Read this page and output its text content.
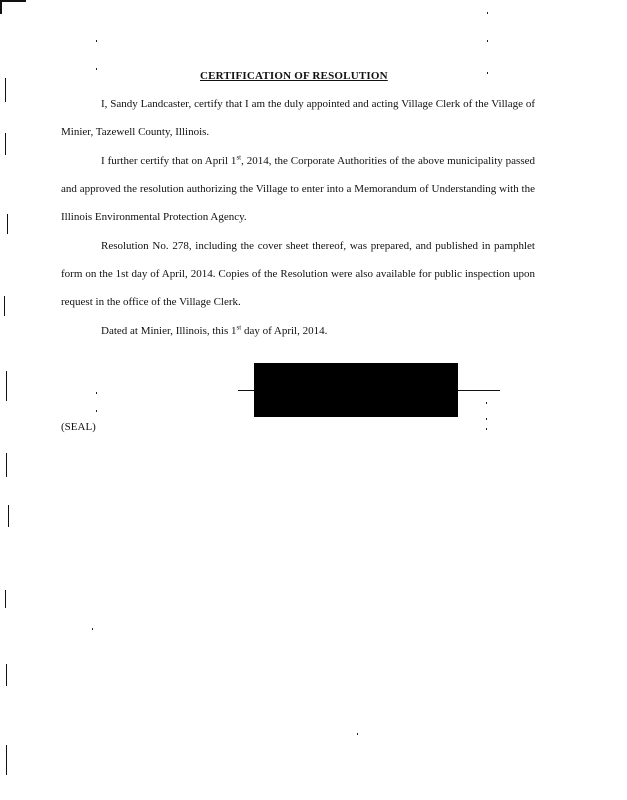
CERTIFICATION OF RESOLUTION
I, Sandy Landcaster, certify that I am the duly appointed and acting Village Clerk of the Village of Minier, Tazewell County, Illinois.
I further certify that on April 1st, 2014, the Corporate Authorities of the above municipality passed and approved the resolution authorizing the Village to enter into a Memorandum of Understanding with the Illinois Environmental Protection Agency.
Resolution No. 278, including the cover sheet thereof, was prepared, and published in pamphlet form on the 1st day of April, 2014. Copies of the Resolution were also available for public inspection upon request in the office of the Village Clerk.
Dated at Minier, Illinois, this 1st day of April, 2014.
(SEAL)
